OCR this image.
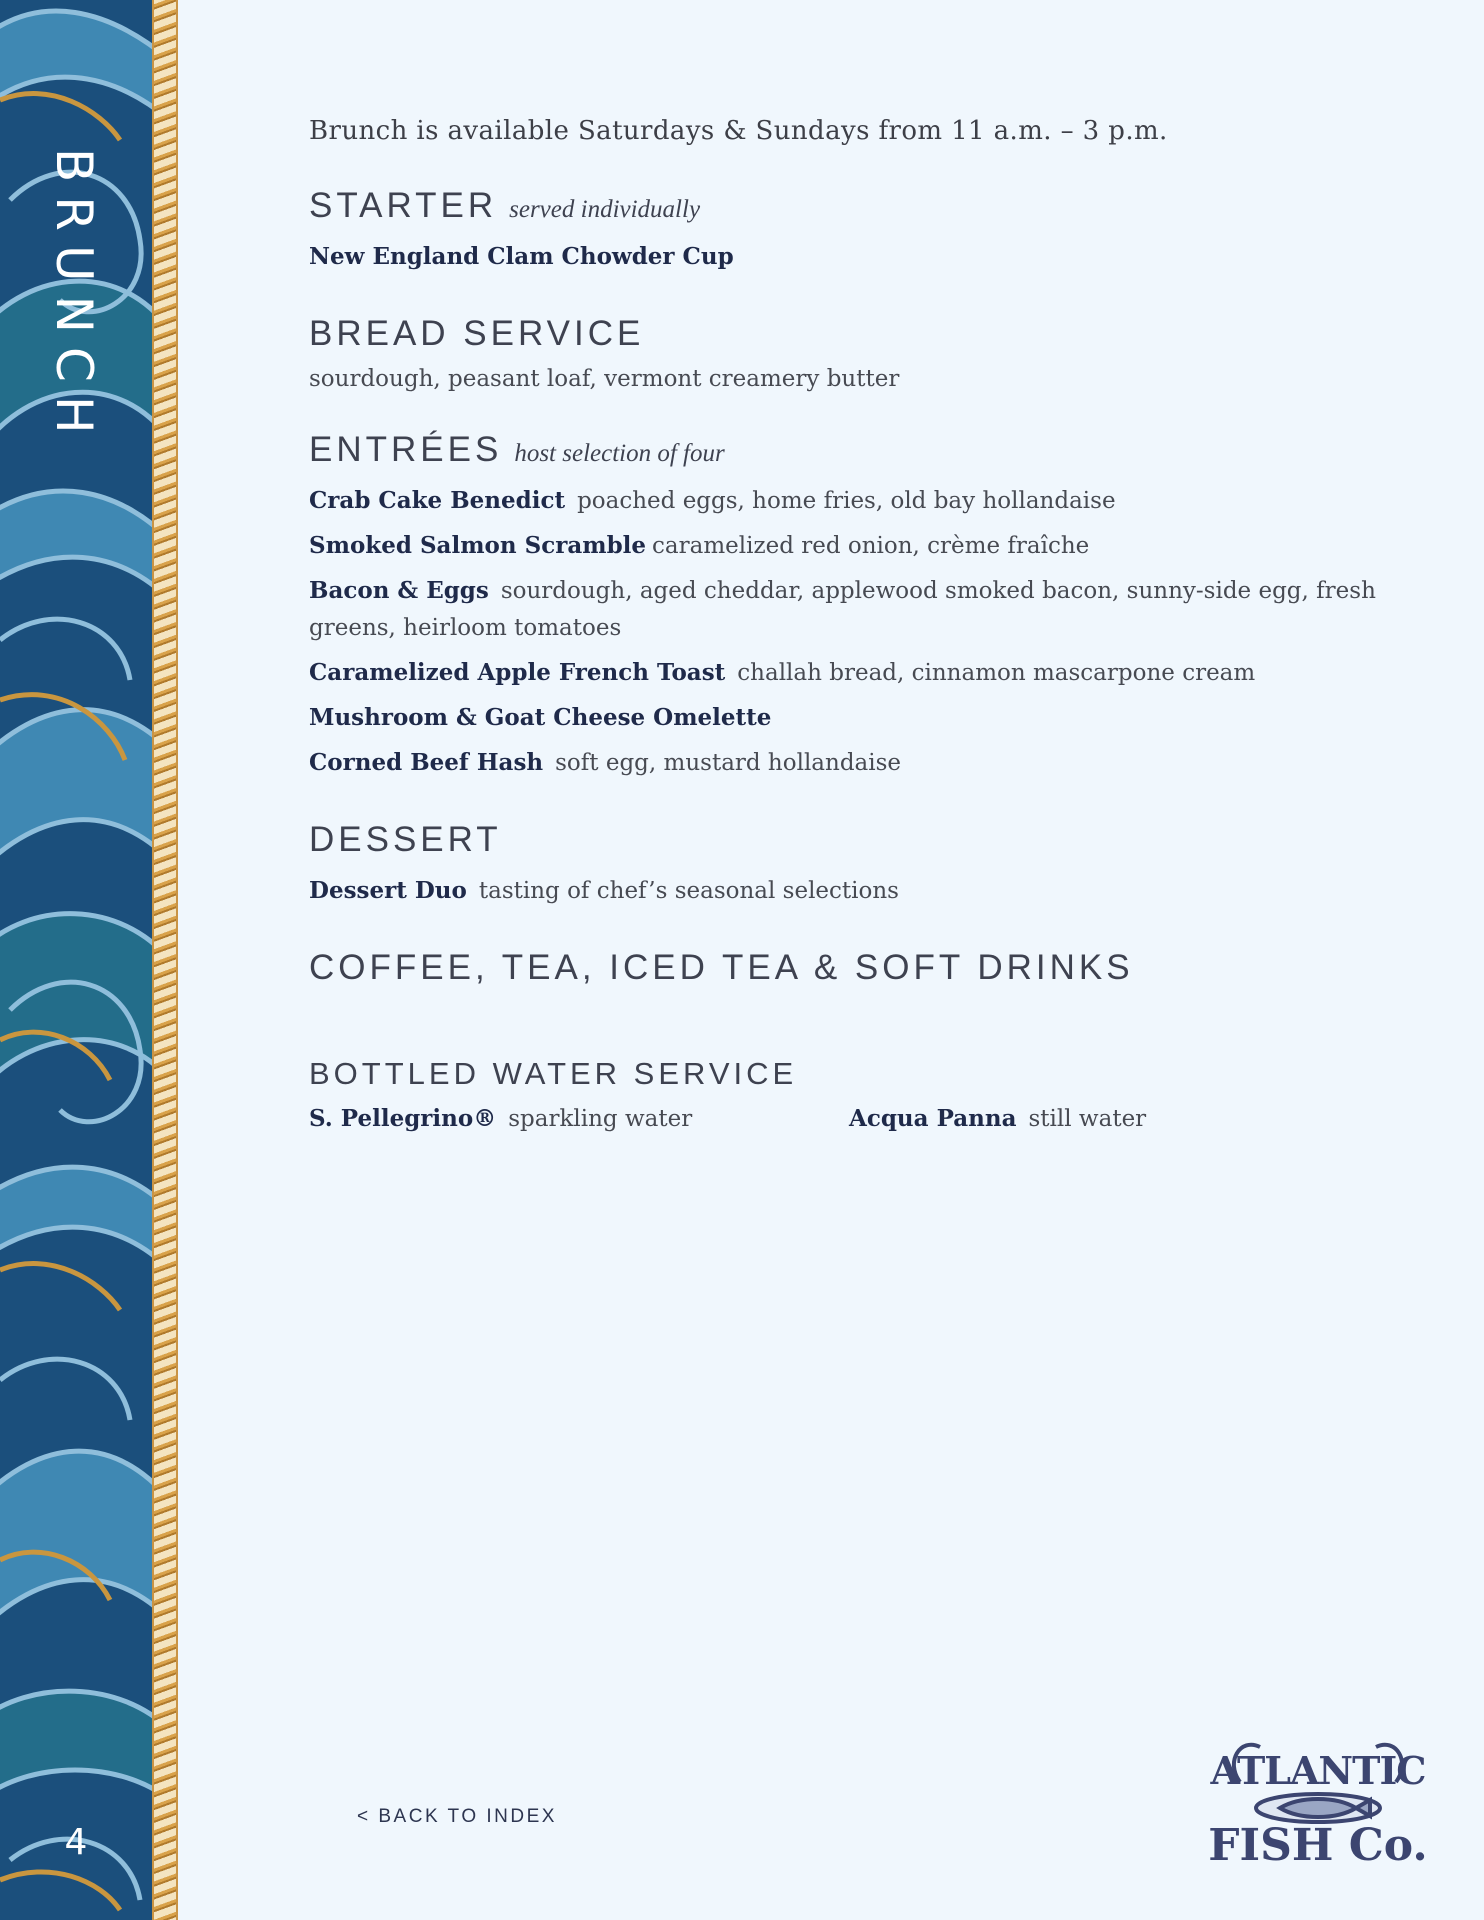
BRUNCH
4
Brunch is available Saturdays & Sundays from 11 a.m. – 3 p.m.
STARTER served individually
New England Clam Chowder Cup
BREAD SERVICE
sourdough, peasant loaf, vermont creamery butter
ENTRÉES host selection of four
Crab Cake Benedict poached eggs, home fries, old bay hollandaise
Smoked Salmon Scramble caramelized red onion, crème fraîche
Bacon & Eggs sourdough, aged cheddar, applewood smoked bacon, sunny-side egg, fresh greens, heirloom tomatoes
Caramelized Apple French Toast challah bread, cinnamon mascarpone cream
Mushroom & Goat Cheese Omelette
Corned Beef Hash soft egg, mustard hollandaise
DESSERT
Dessert Duo tasting of chef’s seasonal selections
COFFEE, TEA, ICED TEA & SOFT DRINKS
BOTTLED WATER SERVICE
S. Pellegrino® sparkling water	Acqua Panna still water
< BACK TO INDEX
ATLANTIC
FISH Co.
